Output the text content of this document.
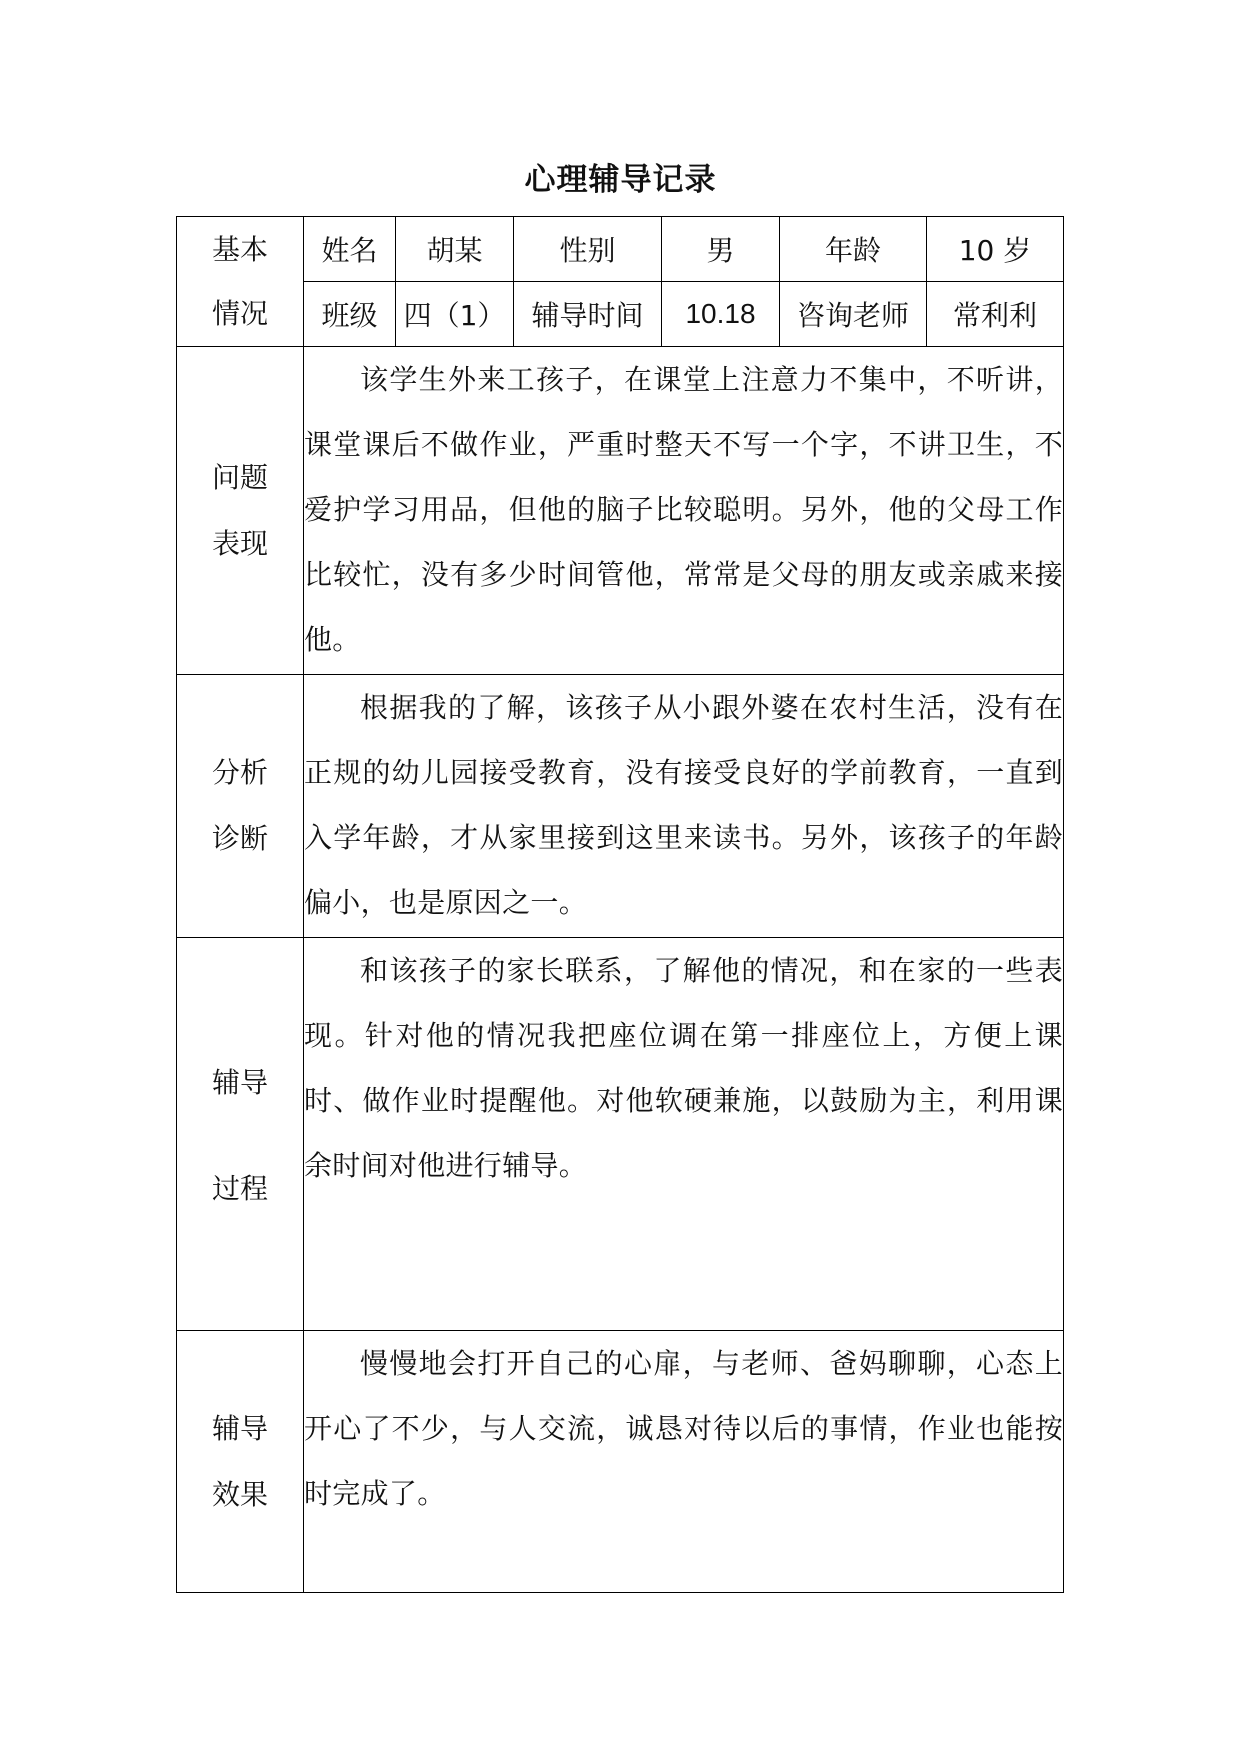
心理辅导记录
基本
情况	姓名	胡某	性别	男	年龄	10 岁
	班级	四（1）	辅导时间	10.18	咨询老师	常利利

问题
表现	该学生外来工孩子，在课堂上注意力不集中，不听讲，课堂课后不做作业，严重时整天不写一个字，不讲卫生，不爱护学习用品，但他的脑子比较聪明。另外，他的父母工作比较忙，没有多少时间管他，常常是父母的朋友或亲戚来接他。					

分析
诊断	根据我的了解，该孩子从小跟外婆在农村生活，没有在正规的幼儿园接受教育，没有接受良好的学前教育，一直到入学年龄，才从家里接到这里来读书。另外，该孩子的年龄偏小，也是原因之一。					

辅导
过程	和该孩子的家长联系，了解他的情况，和在家的一些表现。针对他的情况我把座位调在第一排座位上，方便上课时、做作业时提醒他。对他软硬兼施，以鼓励为主，利用课余时间对他进行辅导。					

辅导
效果	慢慢地会打开自己的心扉，与老师、爸妈聊聊，心态上开心了不少，与人交流，诚恳对待以后的事情，作业也能按时完成了。					
